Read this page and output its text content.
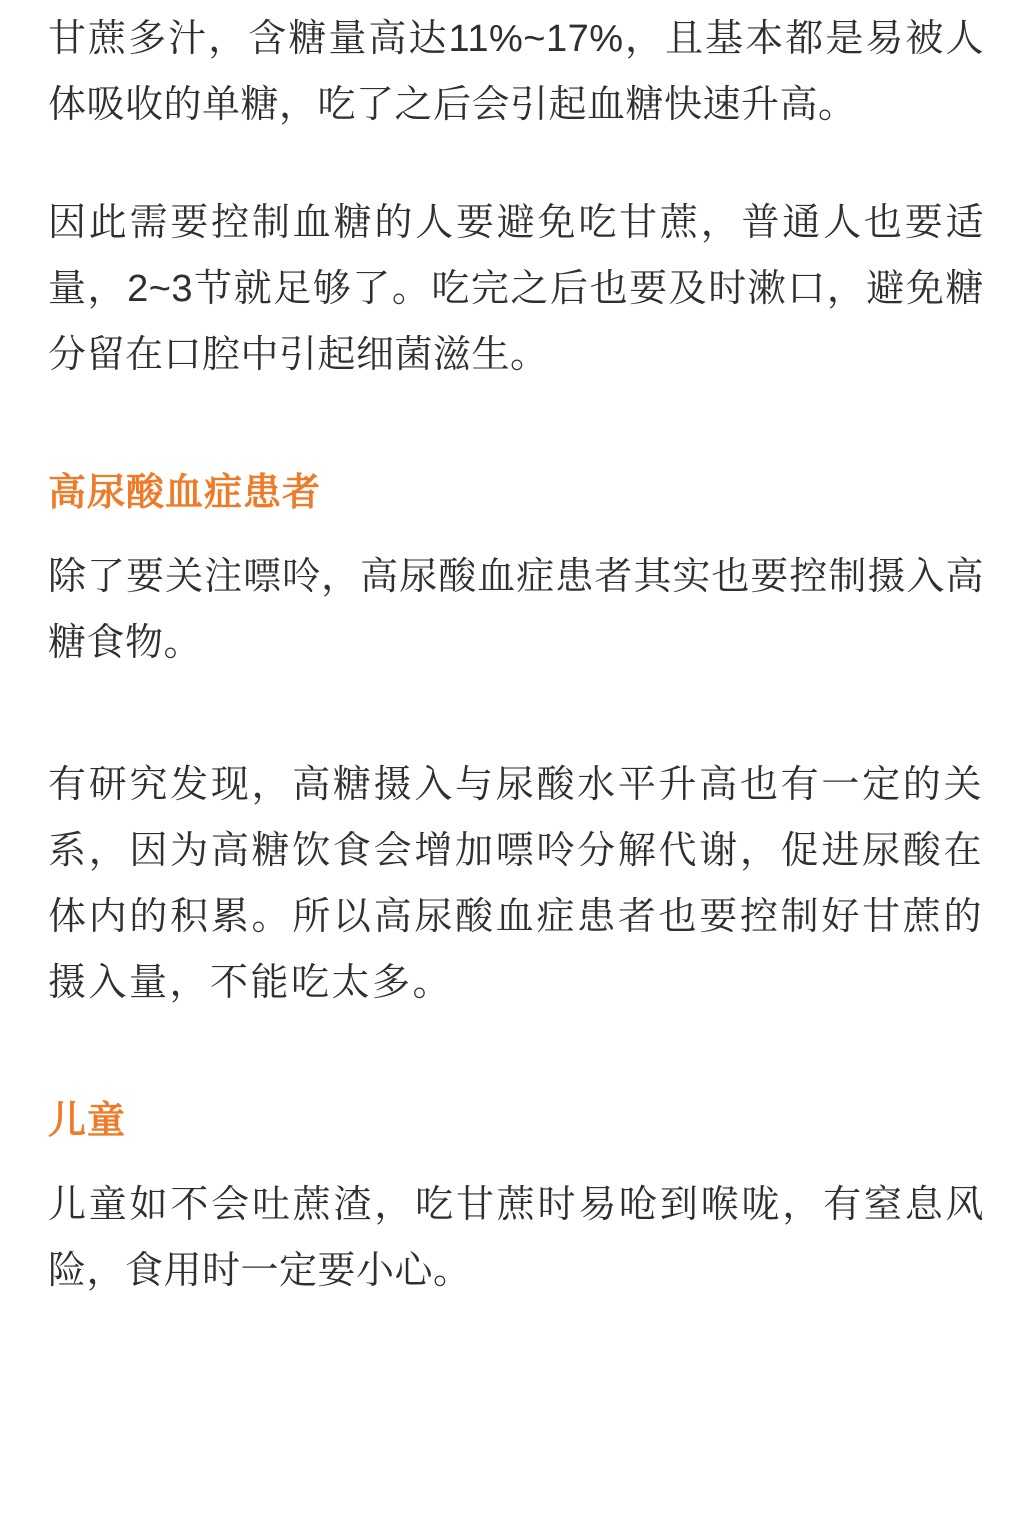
甘蔗多汁，含糖量高达11%~17%，且基本都是易被人体吸收的单糖，吃了之后会引起血糖快速升高。

因此需要控制血糖的人要避免吃甘蔗，普通人也要适量，2~3节就足够了。吃完之后也要及时漱口，避免糖分留在口腔中引起细菌滋生。

高尿酸血症患者

除了要关注嘌呤，高尿酸血症患者其实也要控制摄入高糖食物。

有研究发现，高糖摄入与尿酸水平升高也有一定的关系，因为高糖饮食会增加嘌呤分解代谢，促进尿酸在体内的积累。所以高尿酸血症患者也要控制好甘蔗的摄入量，不能吃太多。

儿童

儿童如不会吐蔗渣，吃甘蔗时易呛到喉咙，有窒息风险，食用时一定要小心。
